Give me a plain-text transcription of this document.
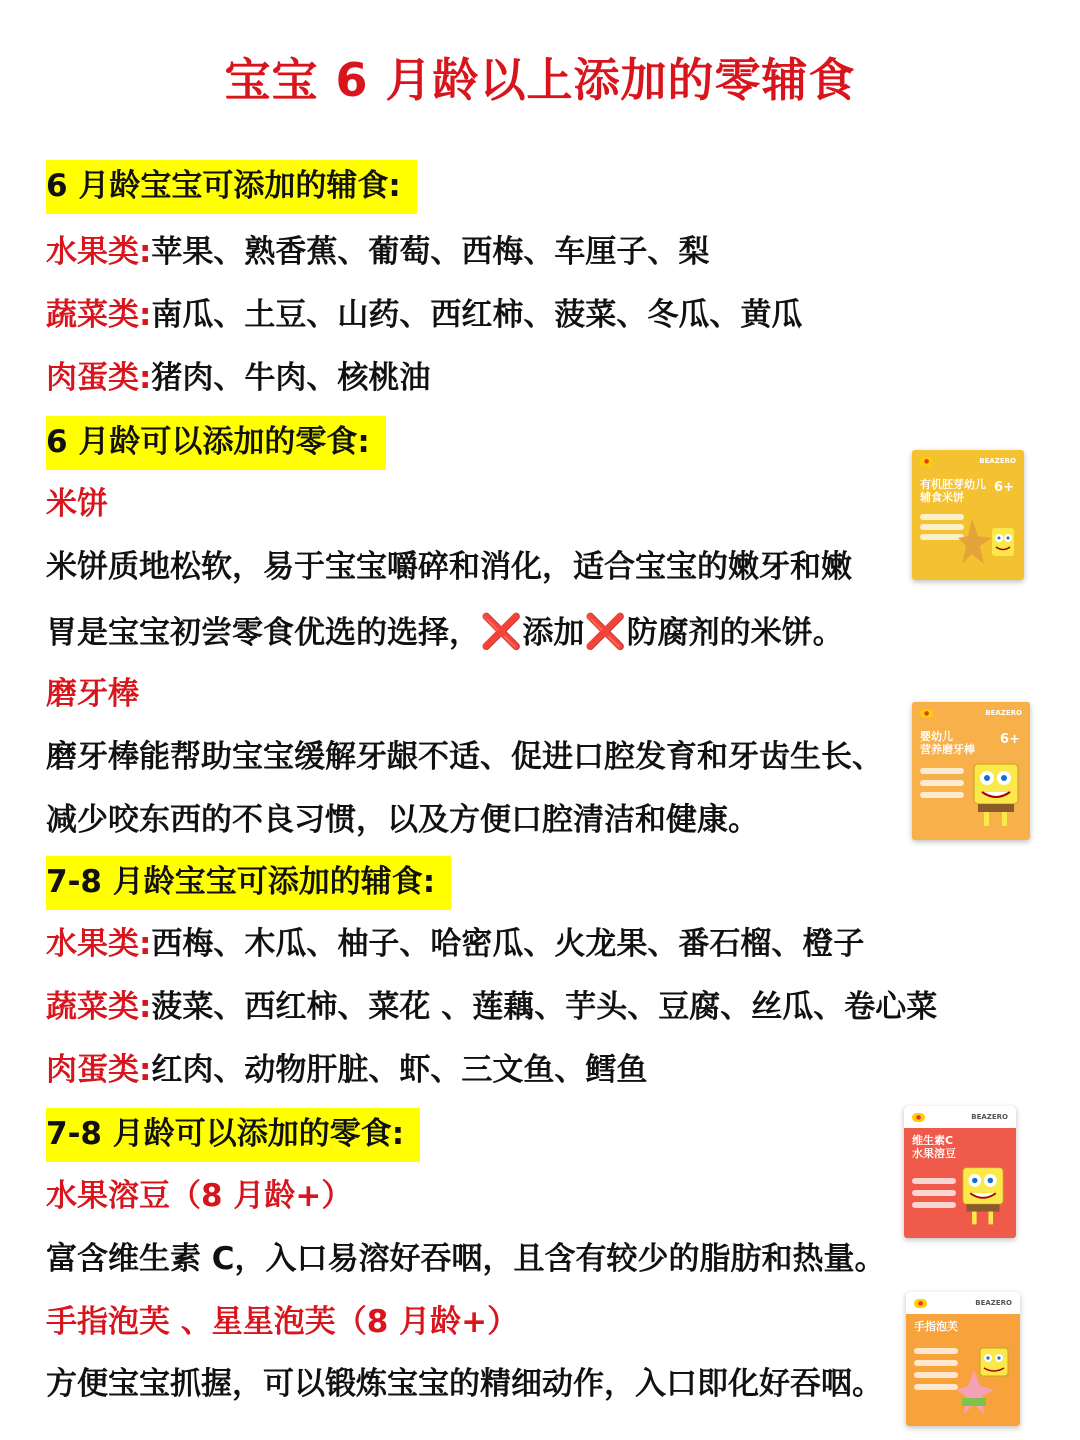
宝宝 6 月龄以上添加的零辅食
6 月龄宝宝可添加的辅食:
水果类:苹果、熟香蕉、葡萄、西梅、车厘子、梨
蔬菜类:南瓜、土豆、山药、西红柿、菠菜、冬瓜、黄瓜
肉蛋类:猪肉、牛肉、核桃油
6 月龄可以添加的零食:
米饼
米饼质地松软，易于宝宝嚼碎和消化，适合宝宝的嫩牙和嫩
胃是宝宝初尝零食优选的选择，❌添加❌防腐剂的米饼。
磨牙棒
磨牙棒能帮助宝宝缓解牙龈不适、促进口腔发育和牙齿生长、
减少咬东西的不良习惯，以及方便口腔清洁和健康。
7-8 月龄宝宝可添加的辅食:
水果类:西梅、木瓜、柚子、哈密瓜、火龙果、番石榴、橙子
蔬菜类:菠菜、西红柿、菜花 、莲藕、芋头、豆腐、丝瓜、卷心菜
肉蛋类:红肉、动物肝脏、虾、三文鱼、鳕鱼
7-8 月龄可以添加的零食:
水果溶豆（8 月龄+）
富含维生素 C，入口易溶好吞咽，且含有较少的脂肪和热量。
手指泡芙 、星星泡芙（8 月龄+）
方便宝宝抓握，可以锻炼宝宝的精细动作，入口即化好吞咽。
●	BEAZERO
有机胚芽幼儿
辅食米饼
6+
●	BEAZERO
婴幼儿
营养磨牙棒
6+
●	BEAZERO
维生素C
水果溶豆
●	BEAZERO
手指泡芙
